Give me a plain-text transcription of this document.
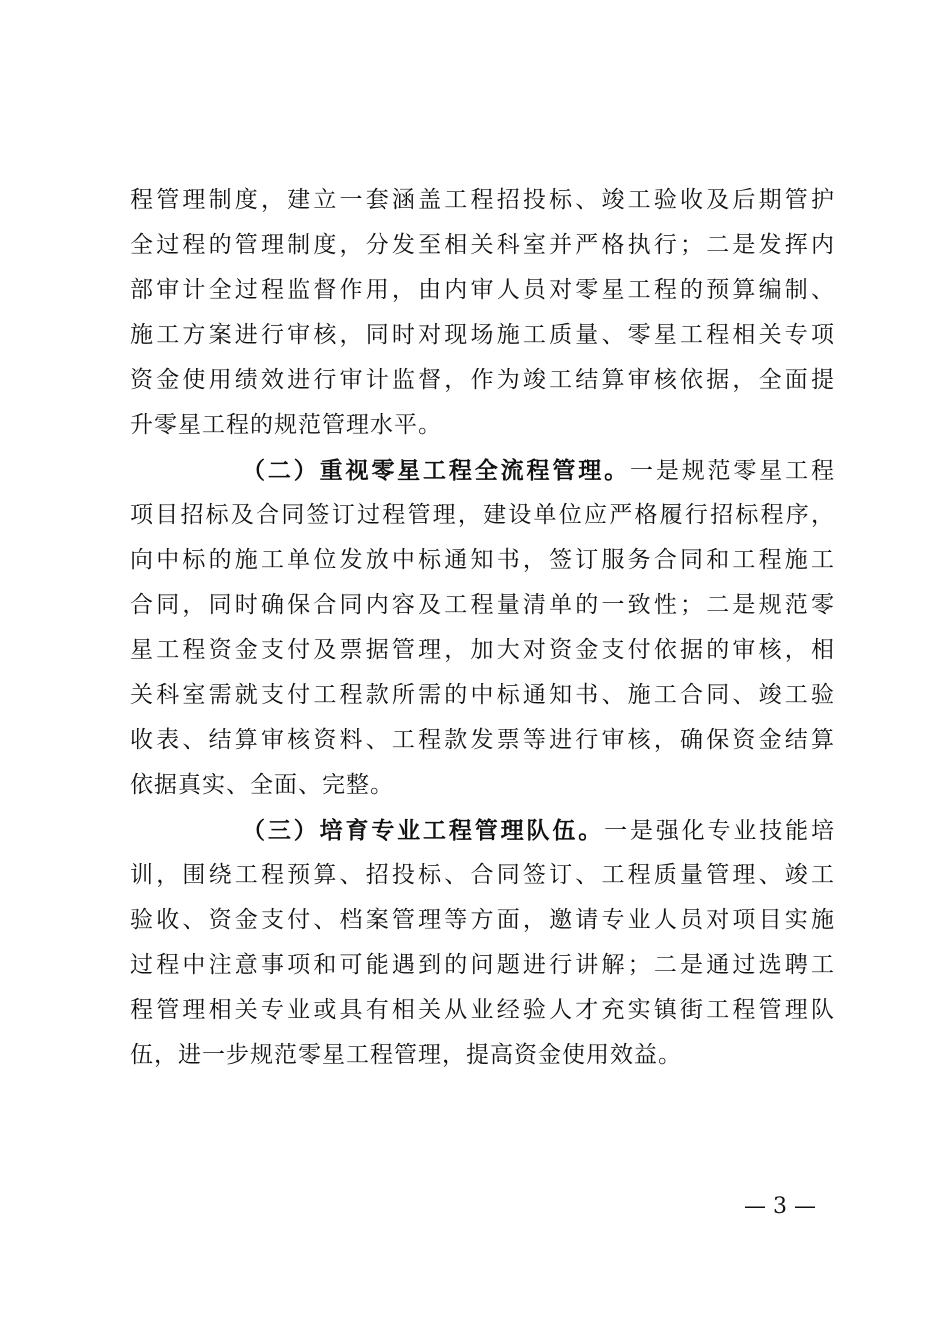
程管理制度，建立一套涵盖工程招投标、竣工验收及后期管护
全过程的管理制度，分发至相关科室并严格执行；二是发挥内
部审计全过程监督作用，由内审人员对零星工程的预算编制、
施工方案进行审核，同时对现场施工质量、零星工程相关专项
资金使用绩效进行审计监督，作为竣工结算审核依据，全面提
升零星工程的规范管理水平。
（二）重视零星工程全流程管理。一是规范零星工程
项目招标及合同签订过程管理，建设单位应严格履行招标程序，
向中标的施工单位发放中标通知书，签订服务合同和工程施工
合同，同时确保合同内容及工程量清单的一致性；二是规范零
星工程资金支付及票据管理，加大对资金支付依据的审核，相
关科室需就支付工程款所需的中标通知书、施工合同、竣工验
收表、结算审核资料、工程款发票等进行审核，确保资金结算
依据真实、全面、完整。
（三）培育专业工程管理队伍。一是强化专业技能培
训，围绕工程预算、招投标、合同签订、工程质量管理、竣工
验收、资金支付、档案管理等方面，邀请专业人员对项目实施
过程中注意事项和可能遇到的问题进行讲解；二是通过选聘工
程管理相关专业或具有相关从业经验人才充实镇街工程管理队
伍，进一步规范零星工程管理，提高资金使用效益。
— 3 —
